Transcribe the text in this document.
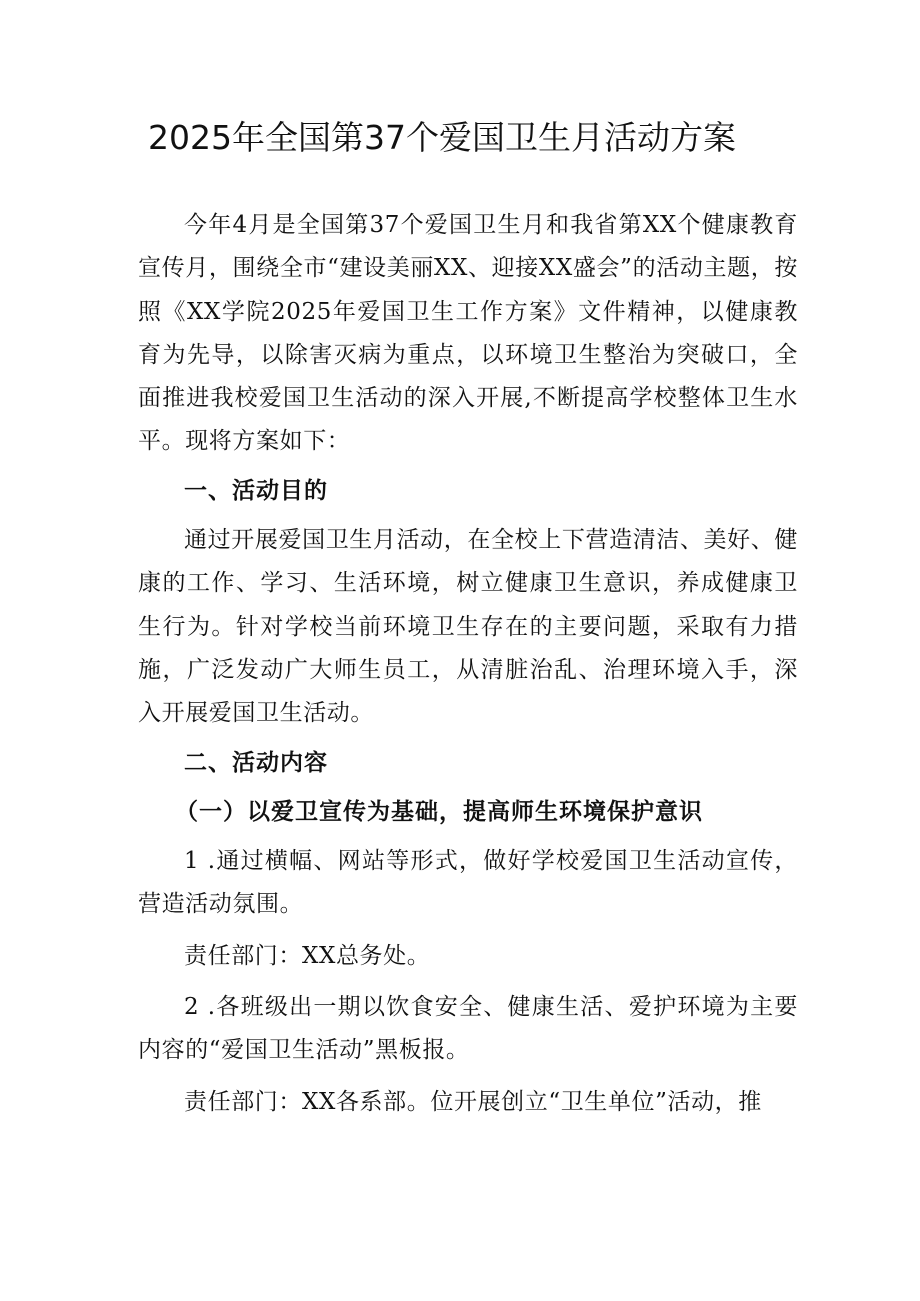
2025年全国第37个爱国卫生月活动方案

今年4月是全国第37个爱国卫生月和我省第XX个健康教育宣传月，围绕全市“建设美丽XX、迎接XX盛会”的活动主题，按照《XX学院2025年爱国卫生工作方案》文件精神，以健康教育为先导，以除害灭病为重点，以环境卫生整治为突破口，全面推进我校爱国卫生活动的深入开展,不断提高学校整体卫生水平。现将方案如下：

一、活动目的

通过开展爱国卫生月活动，在全校上下营造清洁、美好、健康的工作、学习、生活环境，树立健康卫生意识，养成健康卫生行为。针对学校当前环境卫生存在的主要问题，采取有力措施，广泛发动广大师生员工，从清脏治乱、治理环境入手，深入开展爱国卫生活动。

二、活动内容

（一）以爱卫宣传为基础，提高师生环境保护意识

1 .通过横幅、网站等形式，做好学校爱国卫生活动宣传，营造活动氛围。

责任部门：XX总务处。

2 .各班级出一期以饮食安全、健康生活、爱护环境为主要内容的“爱国卫生活动”黑板报。

责任部门：XX各系部。位开展创立“卫生单位”活动，推
